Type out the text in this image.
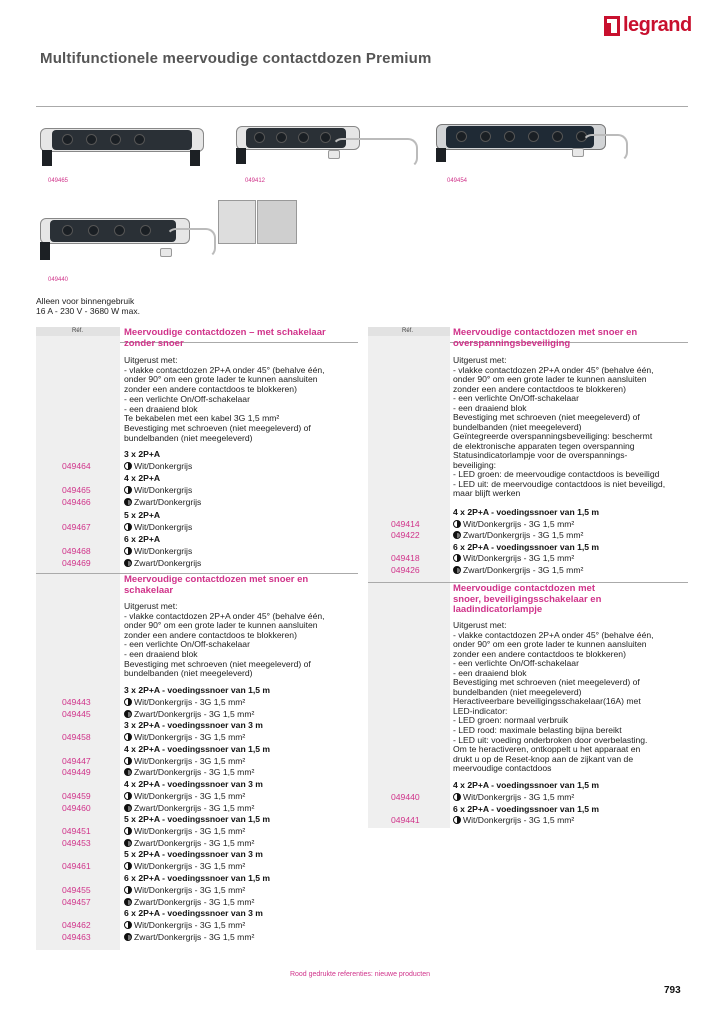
legrand
Multifunctionele meervoudige contactdozen Premium
049465	049412	049454
049440
Alleen voor binnengebruik
16 A - 230 V - 3680 W max.
Réf.	Réf.
Meervoudige contactdozen – met schakelaar
zonder snoer
Uitgerust met:
- vlakke contactdozen 2P+A onder 45° (behalve één,
onder 90° om een grote lader te kunnen aansluiten
zonder een andere contactdoos te blokkeren)
- een verlichte On/Off-schakelaar
- een draaiend blok
Te bekabelen met een kabel 3G 1,5 mm²
Bevestiging met schroeven (niet meegeleverd) of
bundelbanden (niet meegeleverd)
3 x 2P+A
049464	Wit/Donkergrijs
4 x 2P+A
049465	Wit/Donkergrijs
049466	Zwart/Donkergrijs
5 x 2P+A
049467	Wit/Donkergrijs
6 x 2P+A
049468	Wit/Donkergrijs
049469	Zwart/Donkergrijs
Meervoudige contactdozen met snoer en
schakelaar
Uitgerust met:
- vlakke contactdozen 2P+A onder 45° (behalve één,
onder 90° om een grote lader te kunnen aansluiten
zonder een andere contactdoos te blokkeren)
- een verlichte On/Off-schakelaar
- een draaiend blok
Bevestiging met schroeven (niet meegeleverd) of
bundelbanden (niet meegeleverd)
3 x 2P+A - voedingssnoer van 1,5 m
049443	Wit/Donkergrijs - 3G 1,5 mm²
049445	Zwart/Donkergrijs - 3G 1,5 mm²
3 x 2P+A - voedingssnoer van 3 m
049458	Wit/Donkergrijs - 3G 1,5 mm²
4 x 2P+A - voedingssnoer van 1,5 m
049447	Wit/Donkergrijs - 3G 1,5 mm²
049449	Zwart/Donkergrijs - 3G 1,5 mm²
4 x 2P+A - voedingssnoer van 3 m
049459	Wit/Donkergrijs - 3G 1,5 mm²
049460	Zwart/Donkergrijs - 3G 1,5 mm²
5 x 2P+A - voedingssnoer van 1,5 m
049451	Wit/Donkergrijs - 3G 1,5 mm²
049453	Zwart/Donkergrijs - 3G 1,5 mm²
5 x 2P+A - voedingssnoer van 3 m
049461	Wit/Donkergrijs - 3G 1,5 mm²
6 x 2P+A - voedingssnoer van 1,5 m
049455	Wit/Donkergrijs - 3G 1,5 mm²
049457	Zwart/Donkergrijs - 3G 1,5 mm²
6 x 2P+A - voedingssnoer van 3 m
049462	Wit/Donkergrijs - 3G 1,5 mm²
049463	Zwart/Donkergrijs - 3G 1,5 mm²
Meervoudige contactdozen met snoer en
overspanningsbeveiliging
Uitgerust met:
- vlakke contactdozen 2P+A onder 45° (behalve één,
onder 90° om een grote lader te kunnen aansluiten
zonder een andere contactdoos te blokkeren)
- een verlichte On/Off-schakelaar
- een draaiend blok
Bevestiging met schroeven (niet meegeleverd) of
bundelbanden (niet meegeleverd)
Geïntegreerde overspanningsbeveiliging: beschermt
de elektronische apparaten tegen overspanning
Statusindicatorlampje voor de overspannings-
beveiliging:
- LED groen: de meervoudige contactdoos is beveiligd
- LED uit: de meervoudige contactdoos is niet beveiligd,
maar blijft werken
4 x 2P+A - voedingssnoer van 1,5 m
049414	Wit/Donkergrijs - 3G 1,5 mm²
049422	Zwart/Donkergrijs - 3G 1,5 mm²
6 x 2P+A - voedingssnoer van 1,5 m
049418	Wit/Donkergrijs - 3G 1,5 mm²
049426	Zwart/Donkergrijs - 3G 1,5 mm²
Meervoudige contactdozen met
snoer, beveiligingsschakelaar en
laadindicatorlampje
Uitgerust met:
- vlakke contactdozen 2P+A onder 45° (behalve één,
onder 90° om een grote lader te kunnen aansluiten
zonder een andere contactdoos te blokkeren)
- een verlichte On/Off-schakelaar
- een draaiend blok
Bevestiging met schroeven (niet meegeleverd) of
bundelbanden (niet meegeleverd)
Heractiveerbare beveiligingsschakelaar(16A) met
LED-indicator:
- LED groen: normaal verbruik
- LED rood: maximale belasting bijna bereikt
- LED uit: voeding onderbroken door overbelasting.
Om te heractiveren, ontkoppelt u het apparaat en
drukt u op de Reset-knop aan de zijkant van de
meervoudige contactdoos
4 x 2P+A - voedingssnoer van 1,5 m
049440	Wit/Donkergrijs - 3G 1,5 mm²
6 x 2P+A - voedingssnoer van 1,5 m
049441	Wit/Donkergrijs - 3G 1,5 mm²
Rood gedrukte referenties: nieuwe producten
793
